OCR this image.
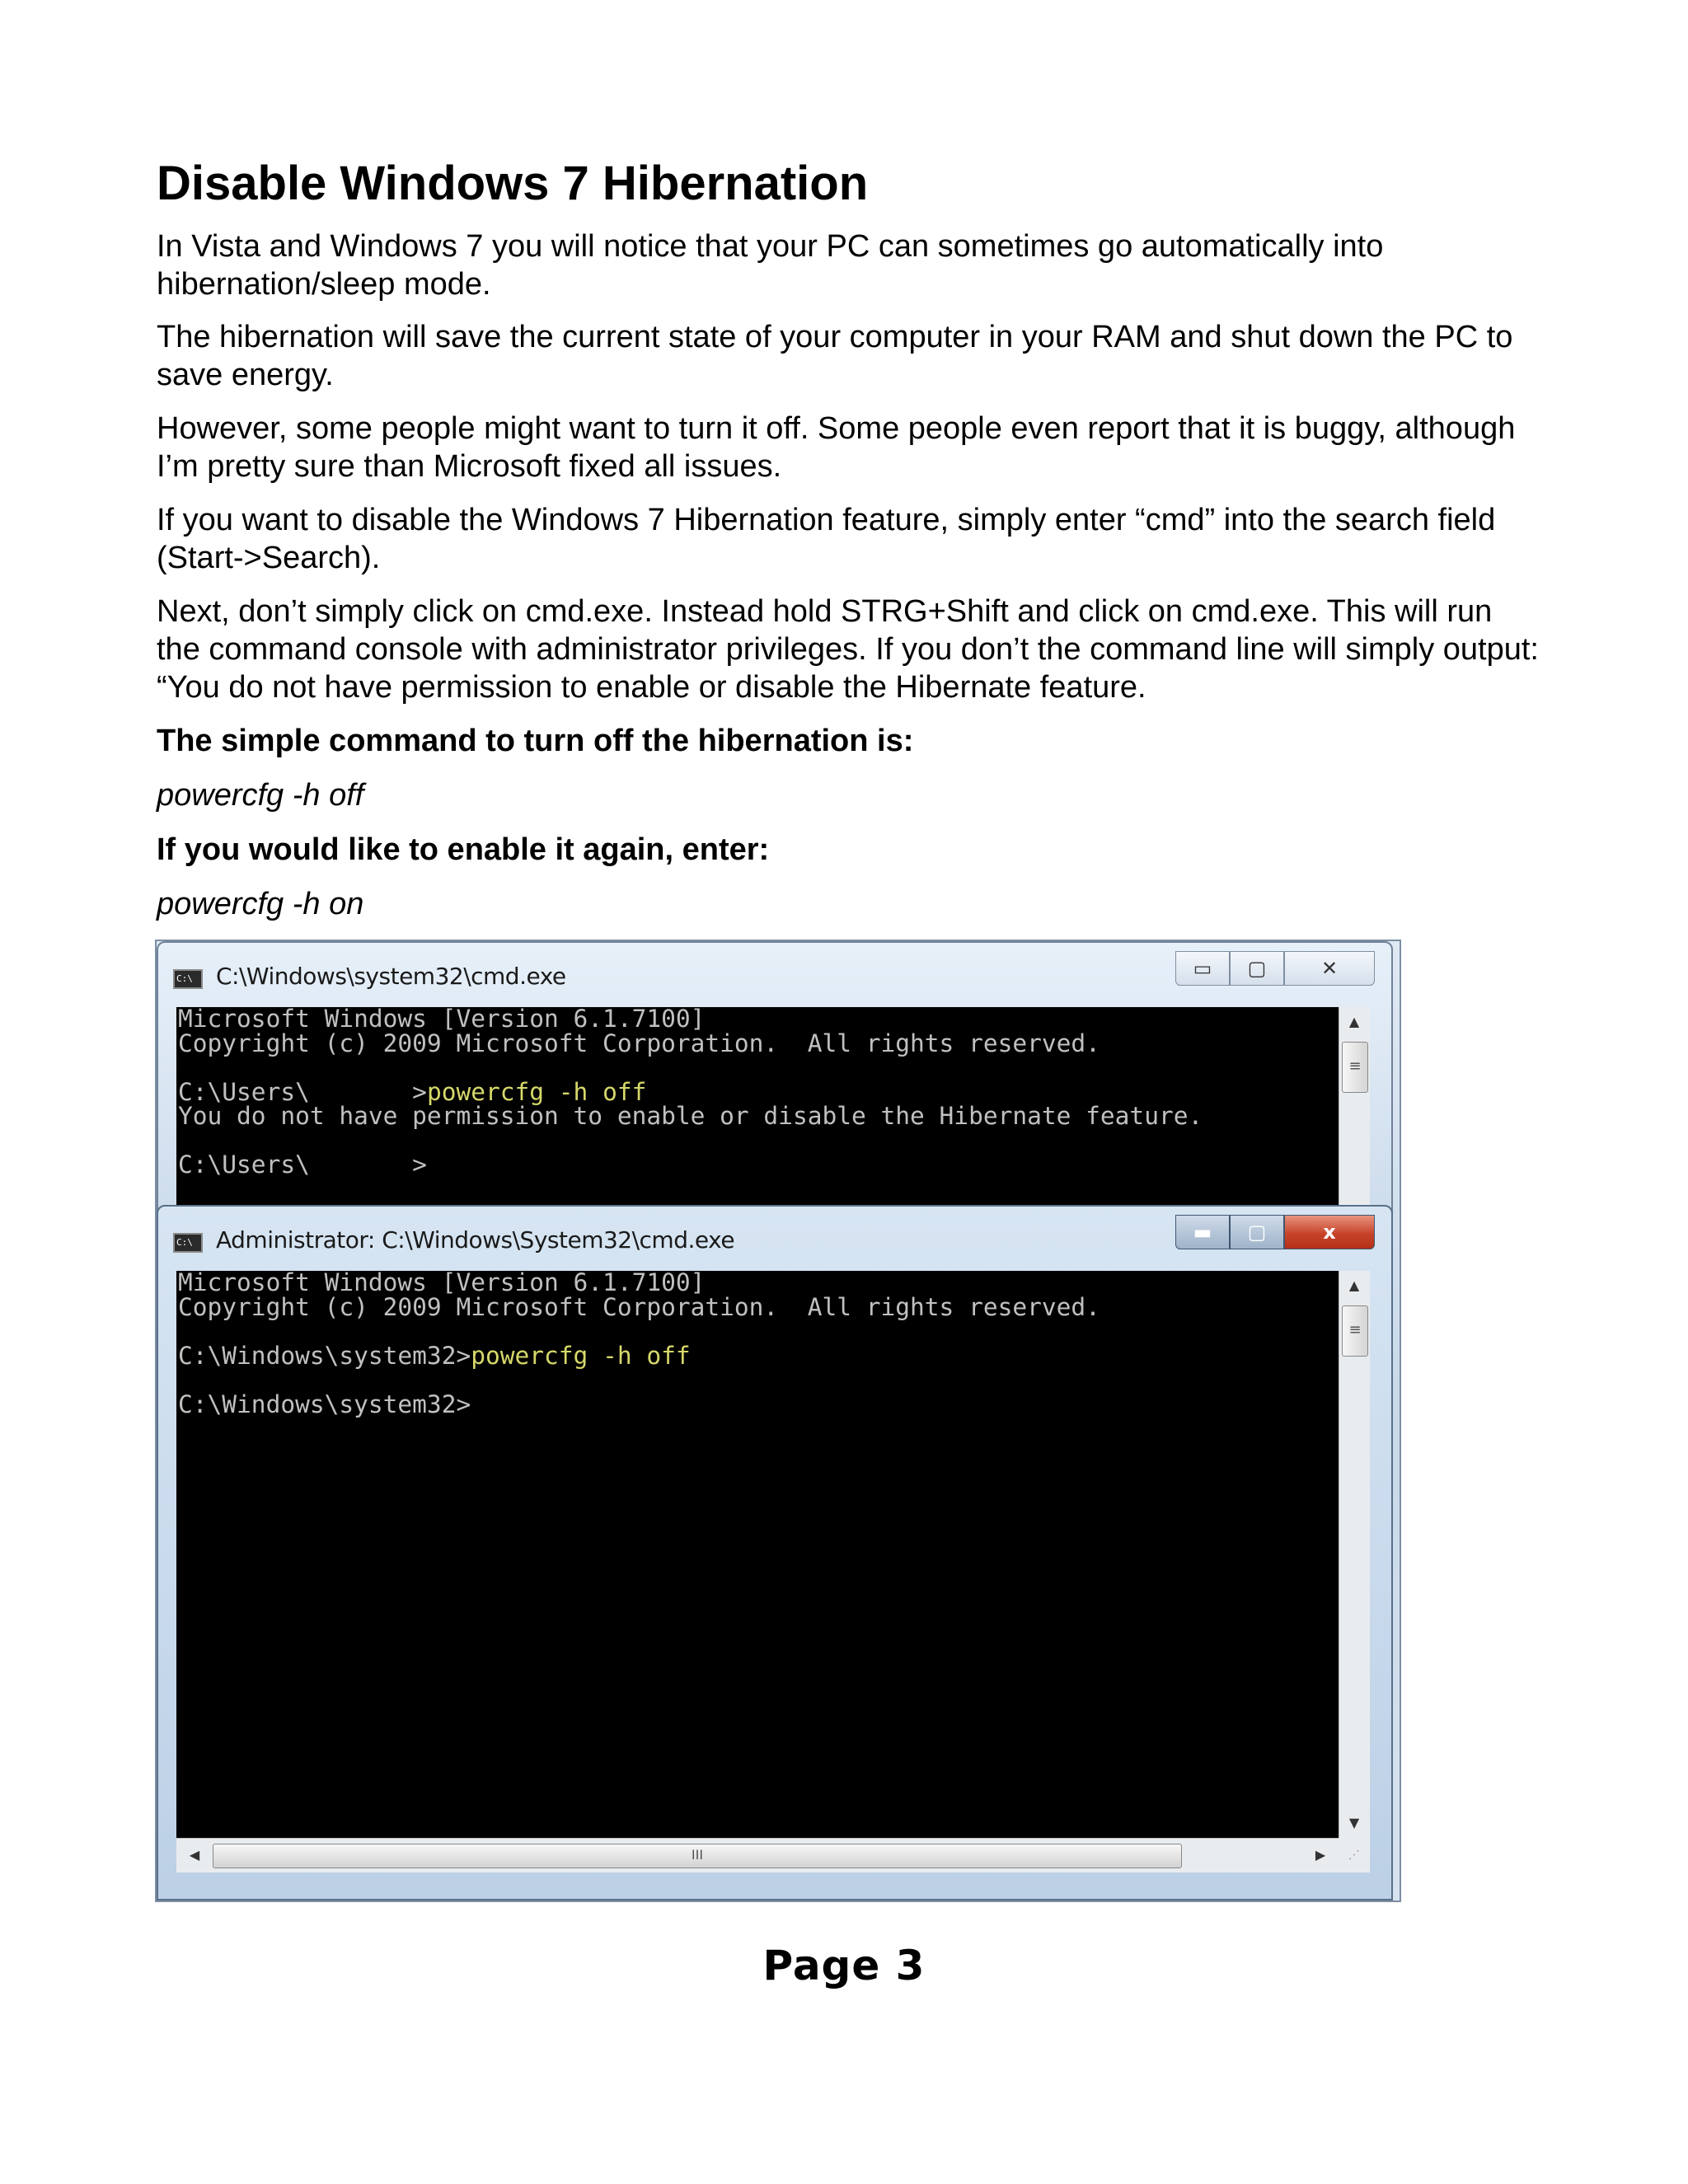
Disable Windows 7 Hibernation

In Vista and Windows 7 you will notice that your PC can sometimes go automatically into hibernation/sleep mode.

The hibernation will save the current state of your computer in your RAM and shut down the PC to save energy.

However, some people might want to turn it off. Some people even report that it is buggy, although I’m pretty sure than Microsoft fixed all issues.

If you want to disable the Windows 7 Hibernation feature, simply enter “cmd” into the search field (Start->Search).

Next, don’t simply click on cmd.exe. Instead hold STRG+Shift and click on cmd.exe. This will run the command console with administrator privileges. If you don’t the command line will simply output: “You do not have permission to enable or disable the Hibernate feature.

The simple command to turn off the hibernation is:

powercfg -h off

If you would like to enable it again, enter:

powercfg -h on

C:\	C:\Windows\system32\cmd.exe	▭	▢	✕
Microsoft Windows [Version 6.1.7100]
Copyright (c) 2009 Microsoft Corporation.  All rights reserved.
C:\Users\       >powercfg -h off
You do not have permission to enable or disable the Hibernate feature.
C:\Users\       >
▲
≡
C:\	Administrator: C:\Windows\System32\cmd.exe	▬	▢	x
Microsoft Windows [Version 6.1.7100]
Copyright (c) 2009 Microsoft Corporation.  All rights reserved.
C:\Windows\system32>powercfg -h off
C:\Windows\system32>
▲
≡
▼
◀	III	▶	⋰
Page 3
